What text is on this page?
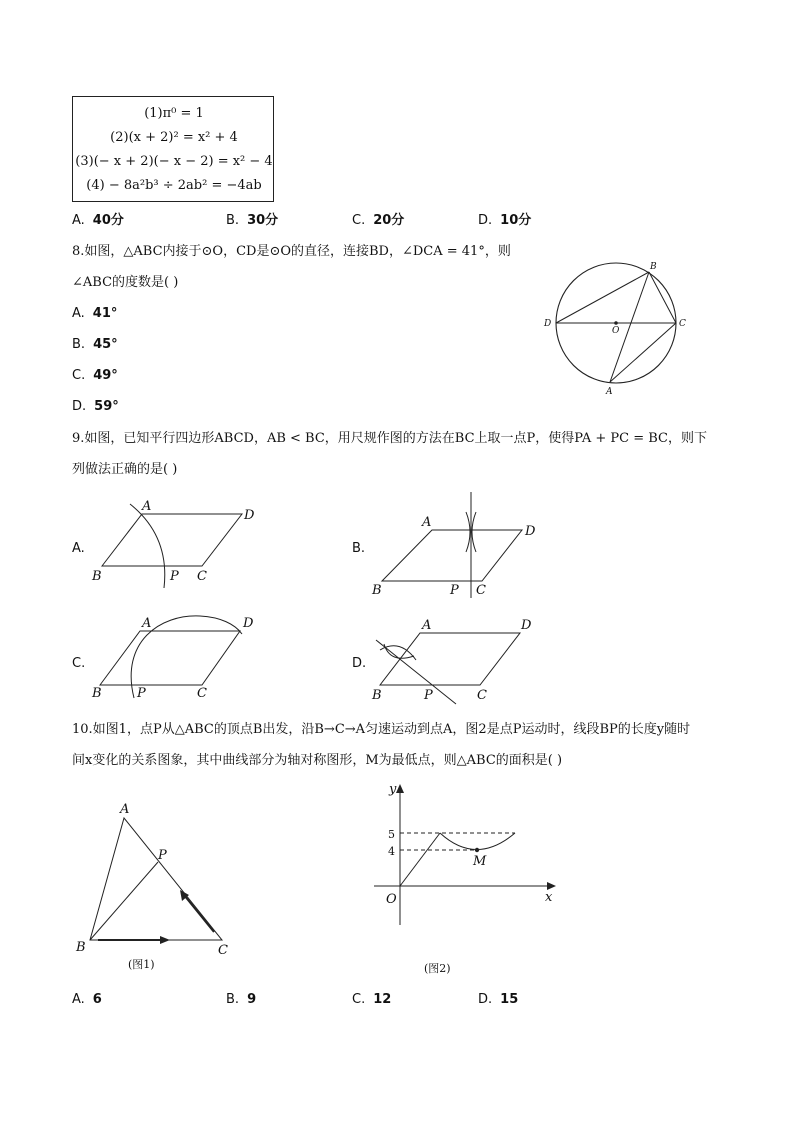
(1)π⁰ = 1
(2)(x + 2)² = x² + 4
(3)(− x + 2)(− x − 2) = x² − 4
(4) − 8a²b³ ÷ 2ab² = −4ab
A. 40分	B. 30分	C. 20分	D. 10分
8.如图，△ABC内接于⊙O，CD是⊙O的直径，连接BD，∠DCA = 41°，则
∠ABC的度数是( )
A. 41°
B. 45°
C. 49°
D. 59°
D
O
C
B
A
9.如图，已知平行四边形ABCD，AB < BC，用尺规作图的方法在BC上取一点P，使得PA + PC = BC，则下
列做法正确的是( )
A.
A
D
B	P C
B.
A
D
B	P C
C.
A	D
B	P	C
D.
A	D
B	P	C
10.如图1，点P从△ABC的顶点B出发，沿B→C→A匀速运动到点A，图2是点P运动时，线段BP的长度y随时
间x变化的关系图象，其中曲线部分为轴对称图形，M为最低点，则△ABC的面积是( )
A
B	C
P
(图1)
y
x
O
M
5
4
(图2)
A. 6	B. 9	C. 12	D. 15
